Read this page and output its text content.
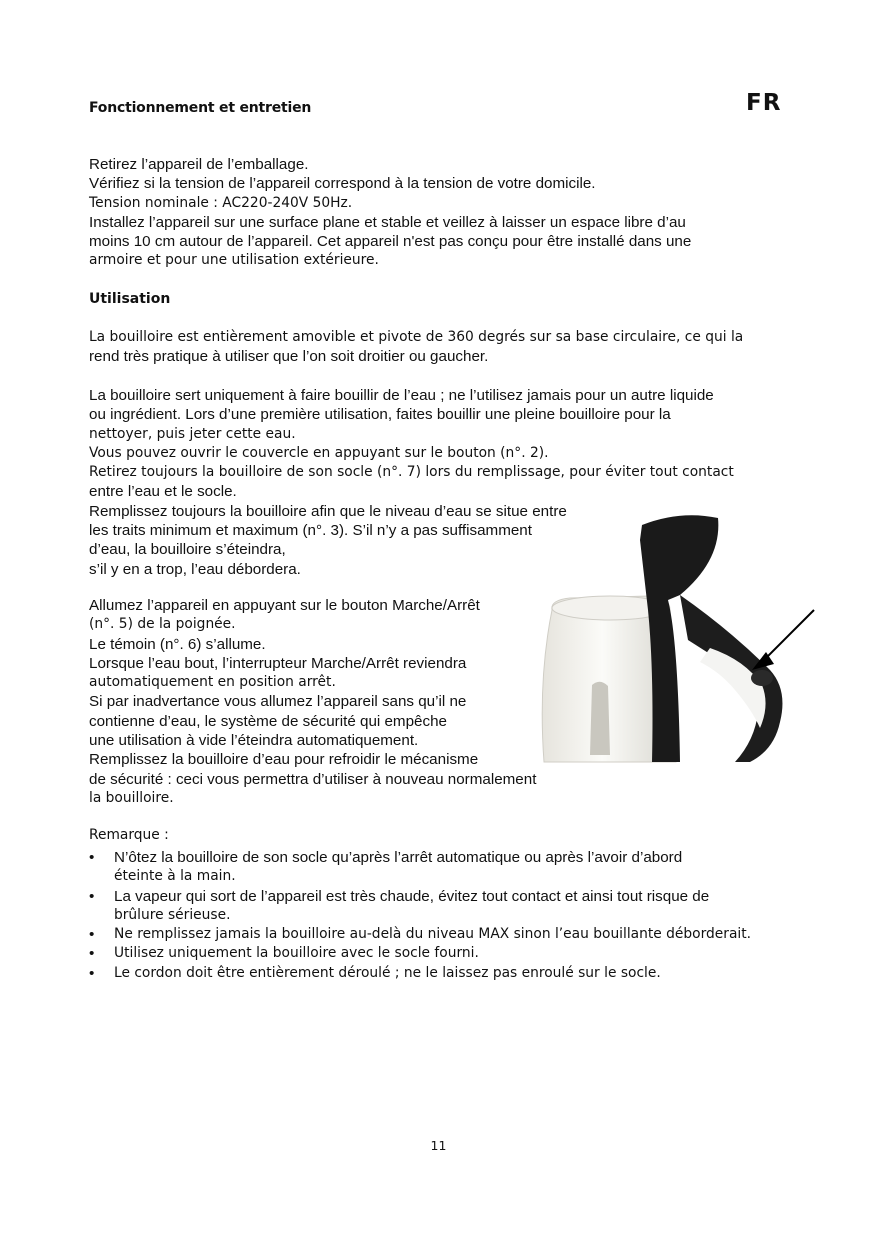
Fonctionnement et entretien	FR
Retirez l’appareil de l’emballage.
Vérifiez si la tension de l’appareil correspond à la tension de votre domicile.
Tension nominale : AC220-240V 50Hz.
Installez l’appareil sur une surface plane et stable et veillez à laisser un espace libre d’au
moins 10 cm autour de l’appareil. Cet appareil n'est pas conçu pour être installé dans une
armoire et pour une utilisation extérieure.
Utilisation
La bouilloire est entièrement amovible et pivote de 360 degrés sur sa base circulaire, ce qui la
rend très pratique à utiliser que l’on soit droitier ou gaucher.
La bouilloire sert uniquement à faire bouillir de l’eau ; ne l’utilisez jamais pour un autre liquide
ou ingrédient. Lors d’une première utilisation, faites bouillir une pleine bouilloire pour la
nettoyer, puis jeter cette eau.
Vous pouvez ouvrir le couvercle en appuyant sur le bouton (n°. 2).
Retirez toujours la bouilloire de son socle (n°. 7) lors du remplissage, pour éviter tout contact
entre l’eau et le socle.
Remplissez toujours la bouilloire afin que le niveau d’eau se situe entre
les traits minimum et maximum (n°. 3). S’il n’y a pas suffisamment
d’eau, la bouilloire s’éteindra,
s’il y en a trop, l’eau débordera.
Allumez l’appareil en appuyant sur le bouton Marche/Arrêt
(n°. 5) de la poignée.
Le témoin (n°. 6) s’allume.
Lorsque l’eau bout, l’interrupteur Marche/Arrêt reviendra
automatiquement en position arrêt.
Si par inadvertance vous allumez l’appareil sans qu’il ne
contienne d’eau, le système de sécurité qui empêche
une utilisation à vide l’éteindra automatiquement.
Remplissez la bouilloire d’eau pour refroidir le mécanisme
de sécurité : ceci vous permettra d’utiliser à nouveau normalement
la bouilloire.
Remarque :
• N’ôtez la bouilloire de son socle qu’après l’arrêt automatique ou après l’avoir d’abord
éteinte à la main.
• La vapeur qui sort de l’appareil est très chaude, évitez tout contact et ainsi tout risque de
brûlure sérieuse.
• Ne remplissez jamais la bouilloire au-delà du niveau MAX sinon l’eau bouillante déborderait.
• Utilisez uniquement la bouilloire avec le socle fourni.
• Le cordon doit être entièrement déroulé ; ne le laissez pas enroulé sur le socle.
11
